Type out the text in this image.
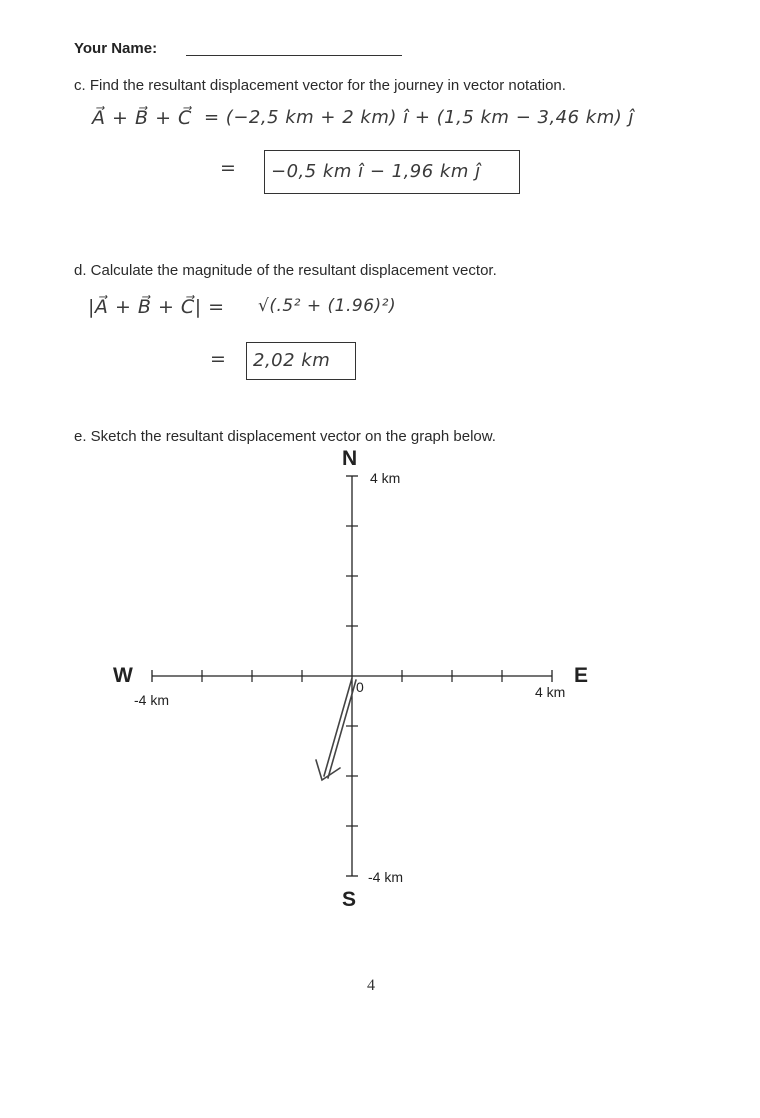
Your Name:
c. Find the resultant displacement vector for the journey in vector notation.
A⃗ + B⃗ + C⃗ = (−2,5 km + 2 km) î + (1,5 km − 3,46 km) ĵ
=	−0,5 km î − 1,96 km ĵ
d. Calculate the magnitude of the resultant displacement vector.
|A⃗ + B⃗ + C⃗| = √(.5² + (1.96)²)
=	2,02 km
e. Sketch the resultant displacement vector on the graph below.
N
4 km
W
-4 km
E
4 km
0
-4 km
S
4
